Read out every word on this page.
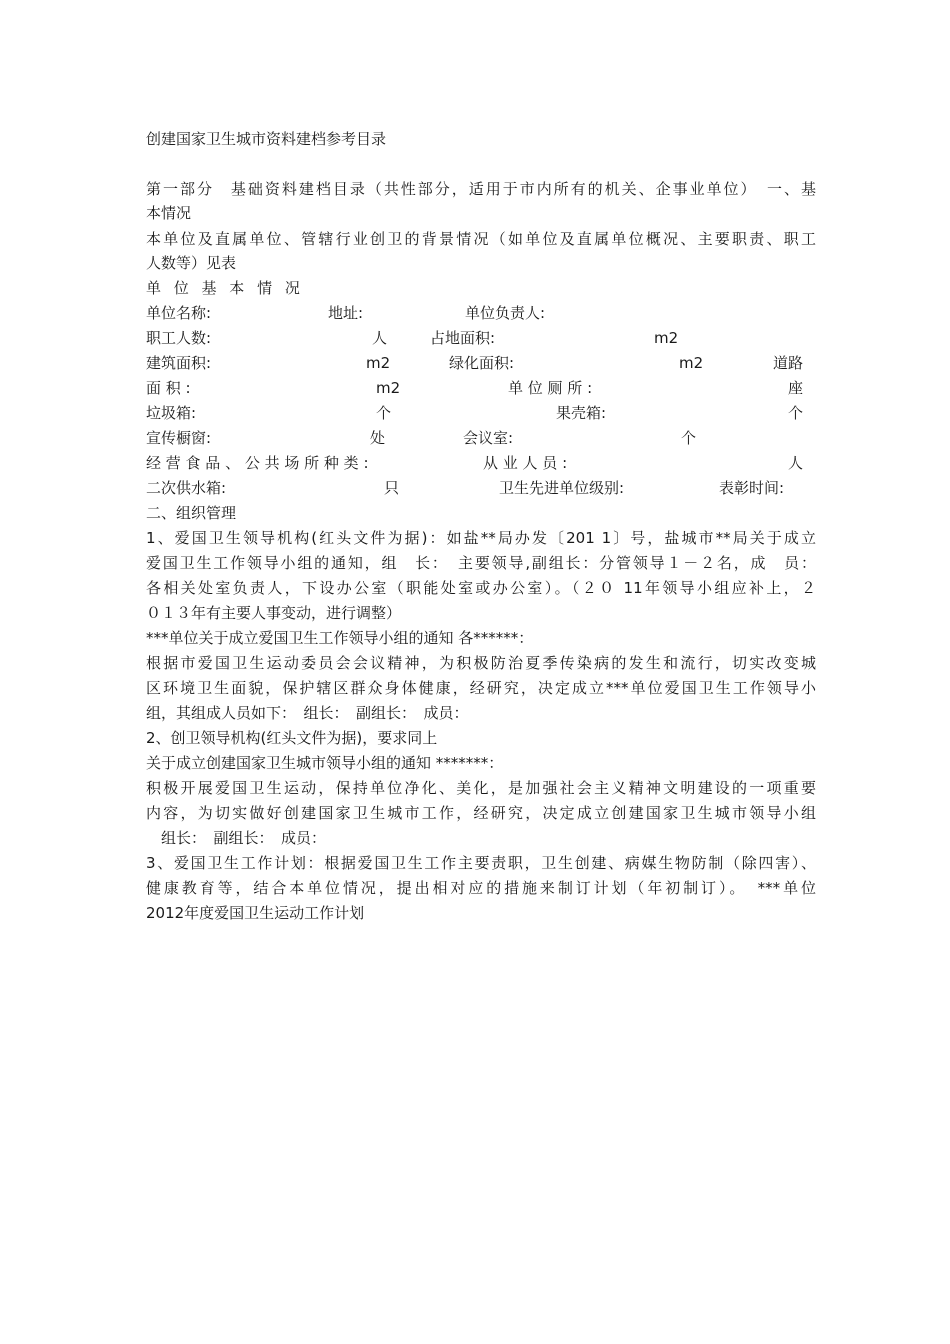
创建国家卫生城市资料建档参考目录
第一部分　基础资料建档目录（共性部分，适用于市内所有的机关、企事业单位）　一、基
本情况
本单位及直属单位、管辖行业创卫的背景情况（如单位及直属单位概况、主要职责、职工
人数等）见表
单 位 基 本 情 况
单位名称:	地址:	单位负责人:
职工人数:	人	占地面积:	m2
建筑面积:	m2	绿化面积:	m2	道路
面 积 :	m2	单 位 厕 所 :	座
垃圾箱:	个	果壳箱:	个
宣传橱窗:	处	会议室:	个
经 营 食 品 、 公 共 场 所 种 类 :	从 业 人 员 :	人
二次供水箱:	只	卫生先进单位级别:	表彰时间:
二、组织管理
1、爱国卫生领导机构(红头文件为据)：如盐**局办发〔201 1〕号，盐城市**局关于成立
爱国卫生工作领导小组的通知，组　长：　主要领导,副组长：分管领导１－２名，成　员：
各相关处室负责人，下设办公室（职能处室或办公室）。（２０ 11年领导小组应补上，２
０１３年有主要人事变动，进行调整）
***单位关于成立爱国卫生工作领导小组的通知 各******：
根据市爱国卫生运动委员会会议精神，为积极防治夏季传染病的发生和流行，切实改变城
区环境卫生面貌，保护辖区群众身体健康，经研究，决定成立***单位爱国卫生工作领导小
组，其组成人员如下：　组长：　副组长：　成员：
2、创卫领导机构(红头文件为据)，要求同上
关于成立创建国家卫生城市领导小组的通知 *******：
积极开展爱国卫生运动，保持单位净化、美化，是加强社会主义精神文明建设的一项重要
内容，为切实做好创建国家卫生城市工作，经研究，决定成立创建国家卫生城市领导小组
　组长：　副组长：　成员：
3、爱国卫生工作计划：根据爱国卫生工作主要责职，卫生创建、病媒生物防制（除四害）、
健康教育等，结合本单位情况，提出相对应的措施来制订计划（年初制订）。　***单位
2012年度爱国卫生运动工作计划
